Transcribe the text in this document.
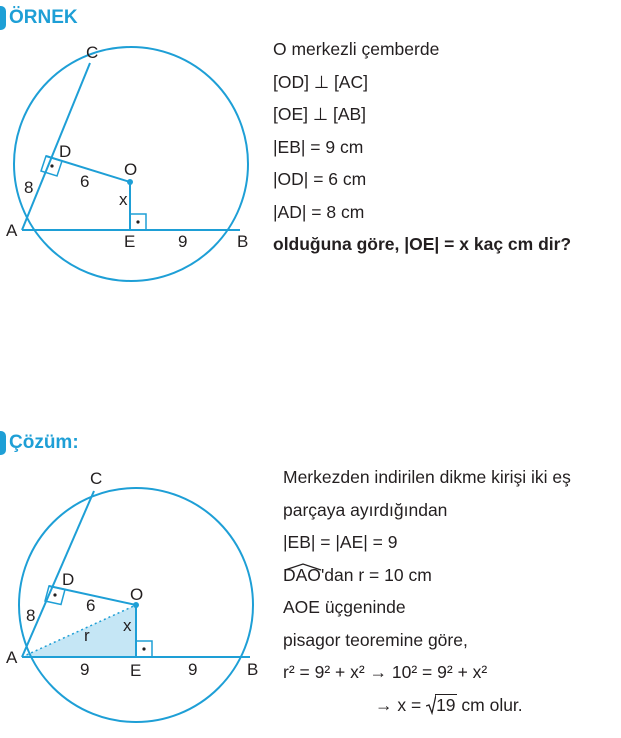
ÖRNEK
C
D
O
A
E	B
8	6
x
9
O merkezli çemberde
[OD] ⊥ [AC]
[OE] ⊥ [AB]
|EB| = 9 cm
|OD| = 6 cm
|AD| = 8 cm
olduğuna göre, |OE| = x kaç cm dir?
Çözüm:
C
D
O
A
E	B
8
6
x
r
9	9
Merkezden indirilen dikme kirişi iki eş
parçaya ayırdığından
|EB| = |AE| = 9
DAO'dan r = 10 cm
AOE üçgeninde
pisagor teoremine göre,
r² = 9² + x² → 10² = 9² + x²
→ x =
19 cm olur.
